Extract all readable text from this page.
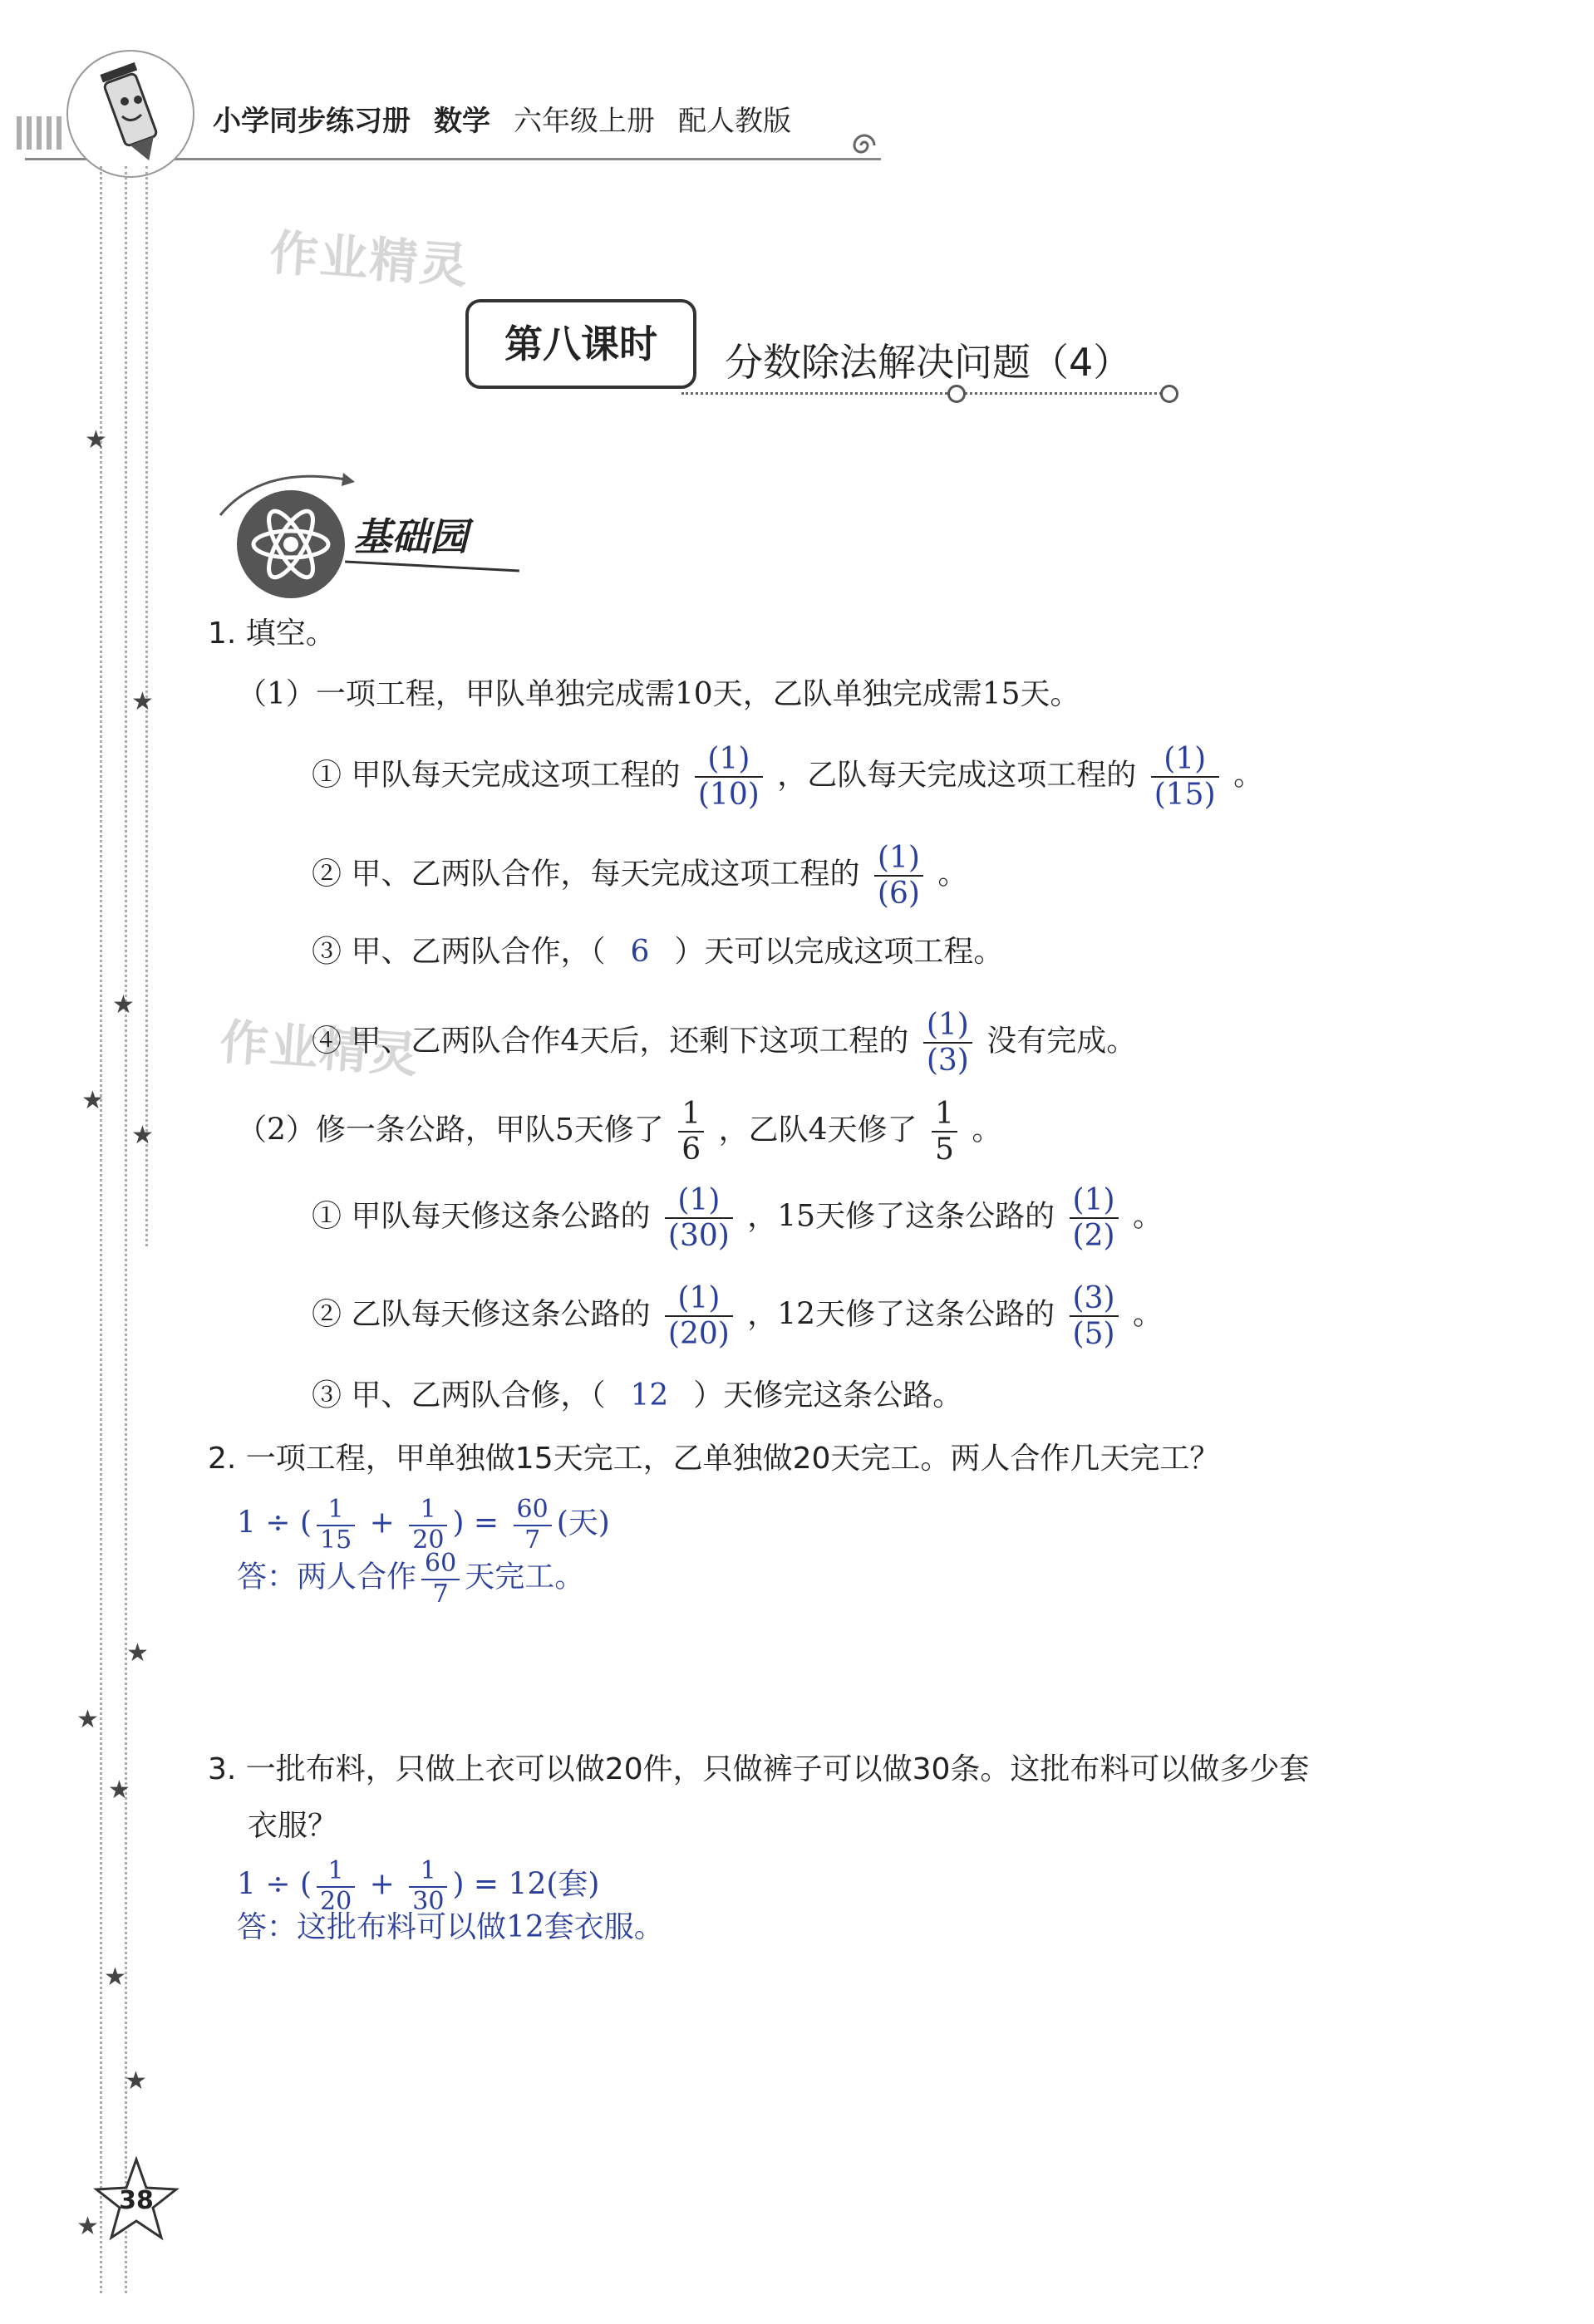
小学同步练习册 数学 六年级上册 配人教版
★
★
★
★
★
★
★
★
★
★
★
作业精灵
作业精灵
第八课时	分数除法解决问题（4）
基础园
1. 填空。
（1）一项工程，甲队单独完成需10天，乙队单独完成需15天。
① 甲队每天完成这项工程的 $\frac{(1)}{(10)}$ ，乙队每天完成这项工程的 $\frac{(1)}{(15)}$ 。
② 甲、乙两队合作，每天完成这项工程的 $\frac{(1)}{(6)}$ 。
③ 甲、乙两队合作，（ 6 ）天可以完成这项工程。
④ 甲、乙两队合作4天后，还剩下这项工程的 $\frac{(1)}{(3)}$ 没有完成。
（2）修一条公路，甲队5天修了 $\frac{1}{6}$ ，乙队4天修了 $\frac{1}{5}$ 。
① 甲队每天修这条公路的 $\frac{(1)}{(30)}$ ，15天修了这条公路的 $\frac{(1)}{(2)}$ 。
② 乙队每天修这条公路的 $\frac{(1)}{(20)}$ ，12天修了这条公路的 $\frac{(3)}{(5)}$ 。
③ 甲、乙两队合修，（ 12 ）天修完这条公路。
2. 一项工程，甲单独做15天完工，乙单独做20天完工。两人合作几天完工？
1 ÷ ( $\frac{1}{15} + \frac{1}{20}$ ) = $\frac{60}{7}$ (天)
答：两人合作 $\frac{60}{7}$ 天完工。
3. 一批布料，只做上衣可以做20件，只做裤子可以做30条。这批布料可以做多少套
衣服？
1 ÷ ( $\frac{1}{20} + \frac{1}{30}$ ) = 12(套)
答：这批布料可以做12套衣服。
38
